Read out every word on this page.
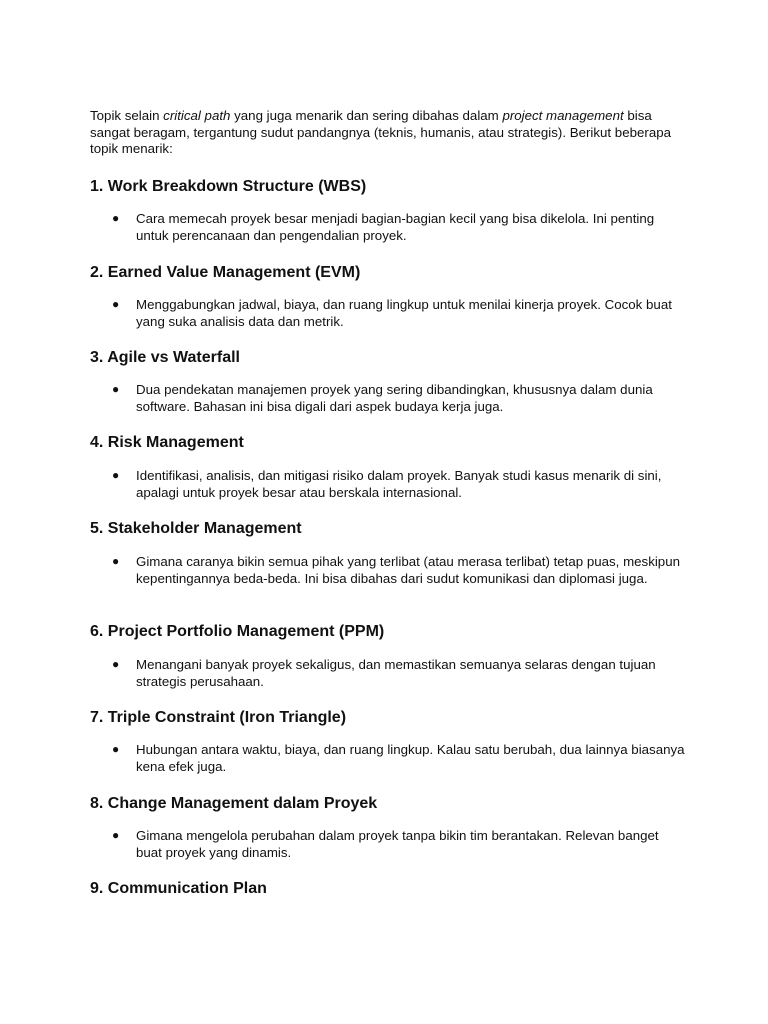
Topik selain critical path yang juga menarik dan sering dibahas dalam project management bisa sangat beragam, tergantung sudut pandangnya (teknis, humanis, atau strategis). Berikut beberapa topik menarik:

1. Work Breakdown Structure (WBS)
● Cara memecah proyek besar menjadi bagian-bagian kecil yang bisa dikelola. Ini penting untuk perencanaan dan pengendalian proyek.
2. Earned Value Management (EVM)
● Menggabungkan jadwal, biaya, dan ruang lingkup untuk menilai kinerja proyek. Cocok buat yang suka analisis data dan metrik.
3. Agile vs Waterfall
● Dua pendekatan manajemen proyek yang sering dibandingkan, khususnya dalam dunia software. Bahasan ini bisa digali dari aspek budaya kerja juga.
4. Risk Management
● Identifikasi, analisis, dan mitigasi risiko dalam proyek. Banyak studi kasus menarik di sini, apalagi untuk proyek besar atau berskala internasional.
5. Stakeholder Management
● Gimana caranya bikin semua pihak yang terlibat (atau merasa terlibat) tetap puas, meskipun kepentingannya beda-beda. Ini bisa dibahas dari sudut komunikasi dan diplomasi juga.
6. Project Portfolio Management (PPM)
● Menangani banyak proyek sekaligus, dan memastikan semuanya selaras dengan tujuan strategis perusahaan.
7. Triple Constraint (Iron Triangle)
● Hubungan antara waktu, biaya, dan ruang lingkup. Kalau satu berubah, dua lainnya biasanya kena efek juga.
8. Change Management dalam Proyek
● Gimana mengelola perubahan dalam proyek tanpa bikin tim berantakan. Relevan banget buat proyek yang dinamis.
9. Communication Plan
